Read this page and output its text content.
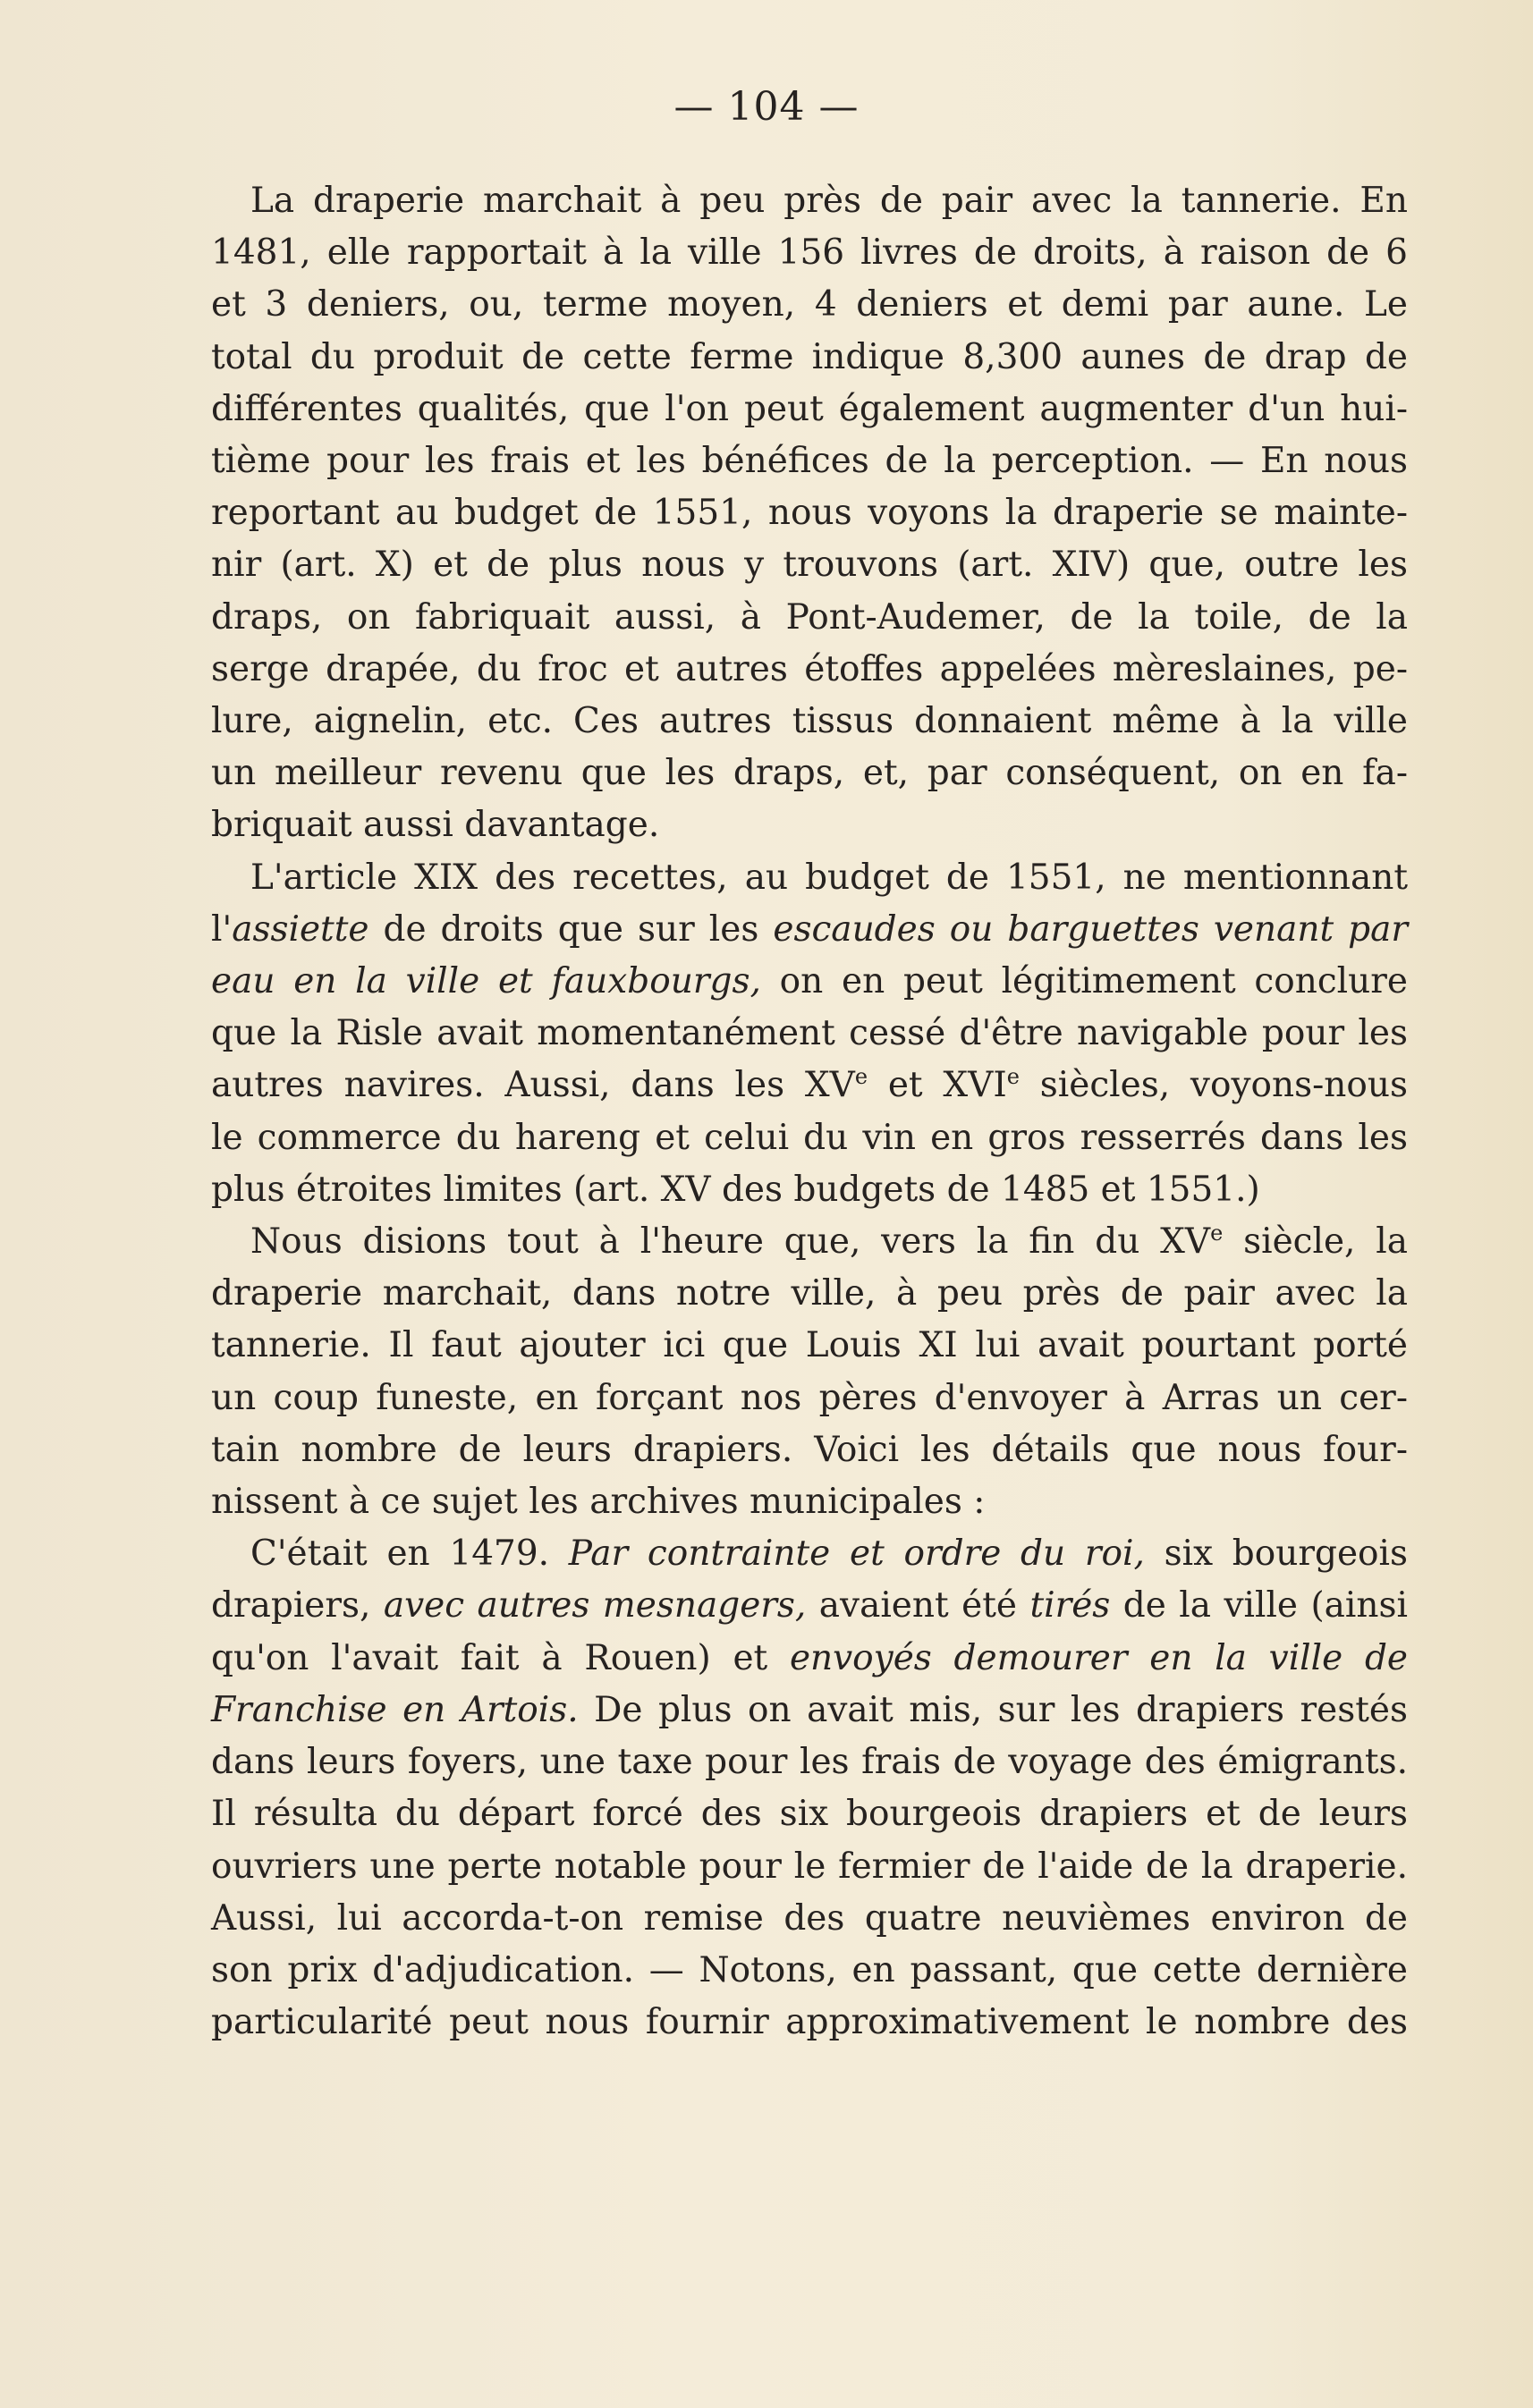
— 104 —
La draperie marchait à peu près de pair avec la tannerie. En
1481, elle rapportait à la ville 156 livres de droits, à raison de 6
et 3 deniers, ou, terme moyen, 4 deniers et demi par aune. Le
total du produit de cette ferme indique 8,300 aunes de drap de
différentes qualités, que l'on peut également augmenter d'un hui-
tième pour les frais et les bénéfices de la perception. — En nous
reportant au budget de 1551, nous voyons la draperie se mainte-
nir (art. X) et de plus nous y trouvons (art. XIV) que, outre les
draps, on fabriquait aussi, à Pont-Audemer, de la toile, de la
serge drapée, du froc et autres étoffes appelées mèreslaines, pe-
lure, aignelin, etc. Ces autres tissus donnaient même à la ville
un meilleur revenu que les draps, et, par conséquent, on en fa-
briquait aussi davantage.
L'article XIX des recettes, au budget de 1551, ne mentionnant
l'assiette de droits que sur les escaudes ou barguettes venant par
eau en la ville et fauxbourgs, on en peut légitimement conclure
que la Risle avait momentanément cessé d'être navigable pour les
autres navires. Aussi, dans les XVe et XVIe siècles, voyons-nous
le commerce du hareng et celui du vin en gros resserrés dans les
plus étroites limites (art. XV des budgets de 1485 et 1551.)
Nous disions tout à l'heure que, vers la fin du XVe siècle, la
draperie marchait, dans notre ville, à peu près de pair avec la
tannerie. Il faut ajouter ici que Louis XI lui avait pourtant porté
un coup funeste, en forçant nos pères d'envoyer à Arras un cer-
tain nombre de leurs drapiers. Voici les détails que nous four-
nissent à ce sujet les archives municipales :
C'était en 1479. Par contrainte et ordre du roi, six bourgeois
drapiers, avec autres mesnagers, avaient été tirés de la ville (ainsi
qu'on l'avait fait à Rouen) et envoyés demourer en la ville de
Franchise en Artois. De plus on avait mis, sur les drapiers restés
dans leurs foyers, une taxe pour les frais de voyage des émigrants.
Il résulta du départ forcé des six bourgeois drapiers et de leurs
ouvriers une perte notable pour le fermier de l'aide de la draperie.
Aussi, lui accorda-t-on remise des quatre neuvièmes environ de
son prix d'adjudication. — Notons, en passant, que cette dernière
particularité peut nous fournir approximativement le nombre des
